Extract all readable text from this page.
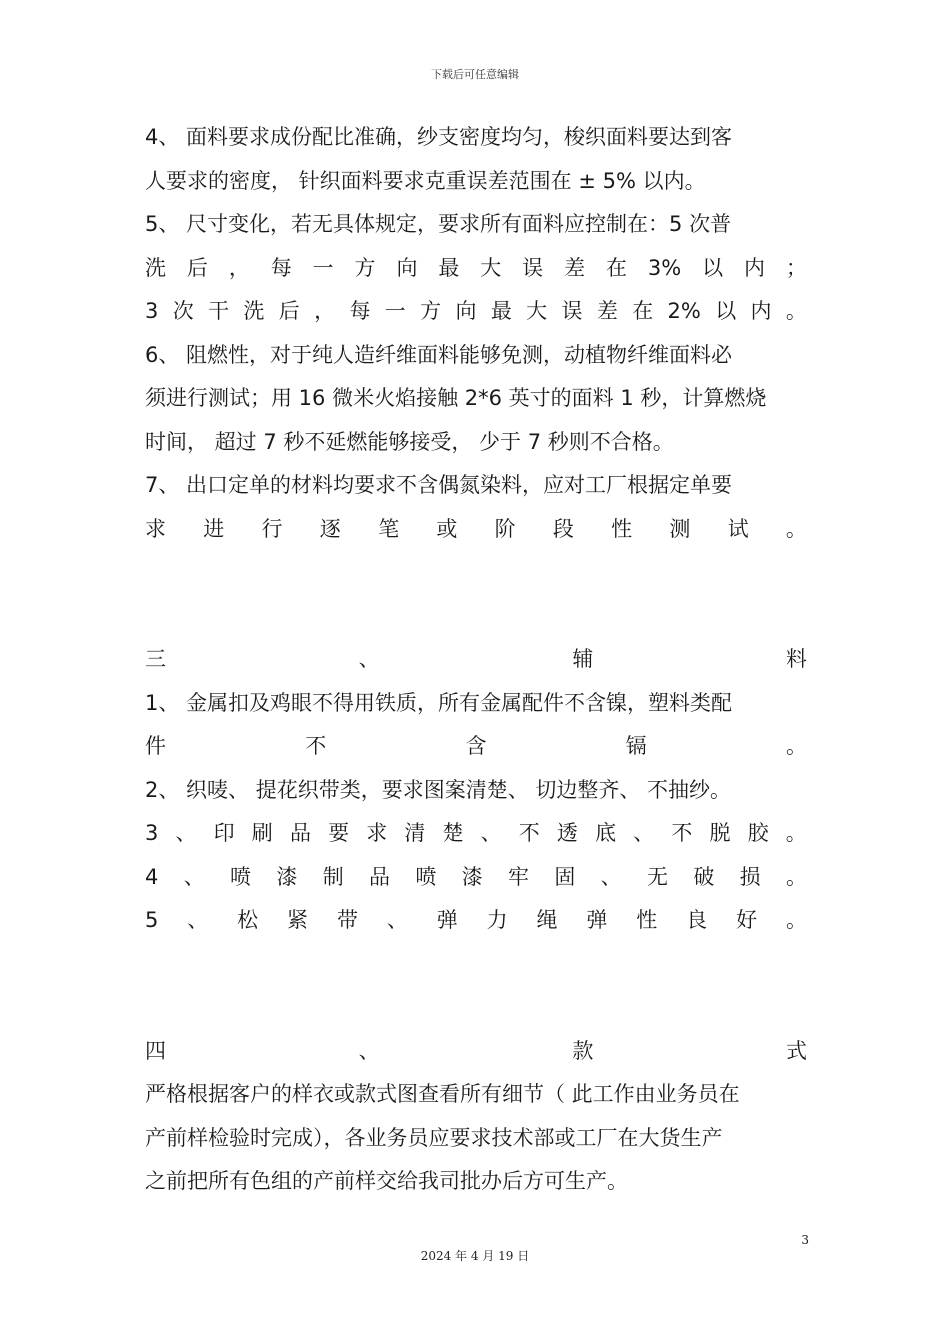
下载后可任意编辑
4、 面料要求成份配比准确，纱支密度均匀，梭织面料要达到客
人要求的密度， 针织面料要求克重误差范围在 ± 5% 以内。
5、 尺寸变化，若无具体规定，要求所有面料应控制在：5 次普
洗 后 ， 每 一 方 向 最 大 误 差 在 3% 以 内 ；
3 次 干 洗 后 ， 每 一 方 向 最 大 误 差 在 2% 以 内 。
6、 阻燃性，对于纯人造纤维面料能够免测，动植物纤维面料必
须进行测试；用 16 微米火焰接触 2*6 英寸的面料 1 秒，计算燃烧
时间， 超过 7 秒不延燃能够接受， 少于 7 秒则不合格。
7、 出口定单的材料均要求不含偶氮染料，应对工厂根据定单要
求 进 行 逐 笔 或 阶 段 性 测 试 。
三	、	辅	料
1、 金属扣及鸡眼不得用铁质，所有金属配件不含镍，塑料类配
件	不	含	镉	。
2、 织唛、 提花织带类，要求图案清楚、 切边整齐、 不抽纱。
3 、 印 刷 品 要 求 清 楚 、 不 透 底 、 不 脱 胶 。
4 、 喷 漆 制 品 喷 漆 牢 固 、 无 破 损 。
5 、 松 紧 带 、 弹 力 绳 弹 性 良 好 。
四	、	款	式
严格根据客户的样衣或款式图查看所有细节（ 此工作由业务员在
产前样检验时完成），各业务员应要求技术部或工厂在大货生产
之前把所有色组的产前样交给我司批办后方可生产。
3
2024 年 4 月 19 日
